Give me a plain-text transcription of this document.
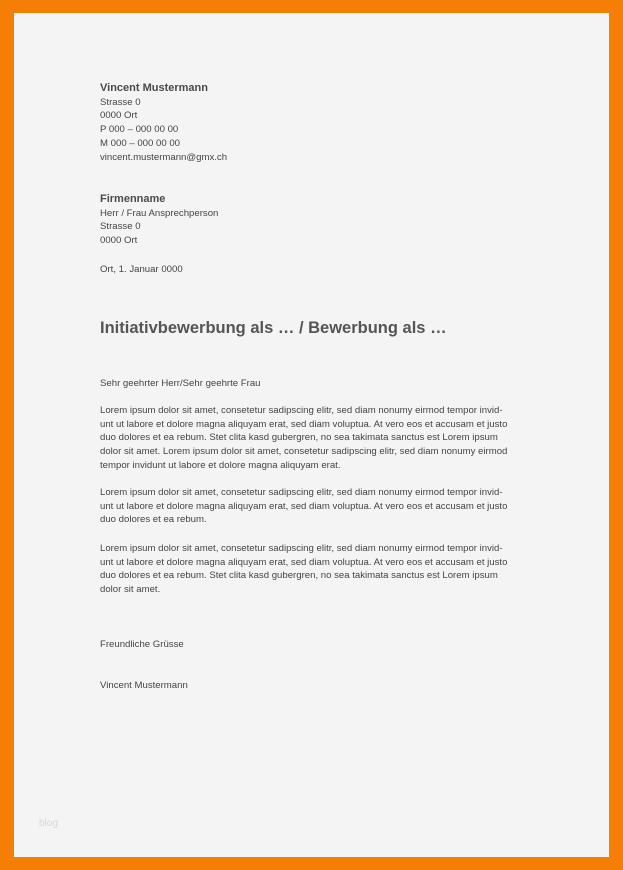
Vincent Mustermann
Strasse 0
0000 Ort
P 000 – 000 00 00
M 000 – 000 00 00
vincent.mustermann@gmx.ch
Firmenname
Herr / Frau Ansprechperson
Strasse 0
0000 Ort
Ort, 1. Januar 0000
Initiativbewerbung als … / Bewerbung als …
Sehr geehrter Herr/Sehr geehrte Frau
Lorem ipsum dolor sit amet, consetetur sadipscing elitr, sed diam nonumy eirmod tempor invid-
unt ut labore et dolore magna aliquyam erat, sed diam voluptua. At vero eos et accusam et justo
duo dolores et ea rebum. Stet clita kasd gubergren, no sea takimata sanctus est Lorem ipsum
dolor sit amet. Lorem ipsum dolor sit amet, consetetur sadipscing elitr, sed diam nonumy eirmod
tempor invidunt ut labore et dolore magna aliquyam erat.
Lorem ipsum dolor sit amet, consetetur sadipscing elitr, sed diam nonumy eirmod tempor invid-
unt ut labore et dolore magna aliquyam erat, sed diam voluptua. At vero eos et accusam et justo
duo dolores et ea rebum.
Lorem ipsum dolor sit amet, consetetur sadipscing elitr, sed diam nonumy eirmod tempor invid-
unt ut labore et dolore magna aliquyam erat, sed diam voluptua. At vero eos et accusam et justo
duo dolores et ea rebum. Stet clita kasd gubergren, no sea takimata sanctus est Lorem ipsum
dolor sit amet.
Freundliche Grüsse
Vincent Mustermann
blog
